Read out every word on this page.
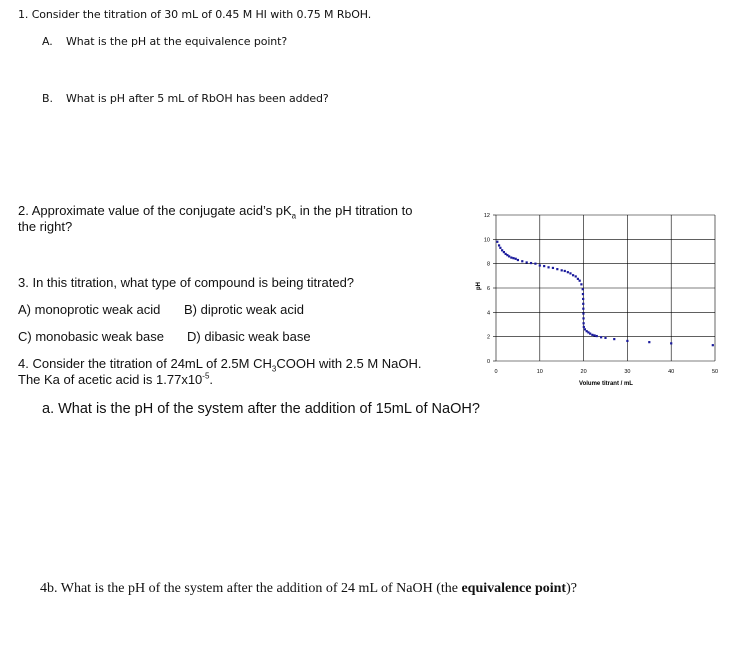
1. Consider the titration of 30 mL of 0.45 M HI with 0.75 M RbOH.
A. What is the pH at the equivalence point?
B. What is pH after 5 mL of RbOH has been added?
2. Approximate value of the conjugate acid’s $pK_a$ in the pH titration to
the right?
3. In this titration, what type of compound is being titrated?
A) monoprotic weak acid B) diprotic weak acid
C) monobasic weak base D) dibasic weak base
4. Consider the titration of 24mL of 2.5M $CH_3COOH$ with 2.5 M NaOH.
The Ka of acetic acid is $1.77x10^{-5}$.
a. What is the pH of the system after the addition of 15mL of NaOH?
4b. What is the pH of the system after the addition of 24 mL of NaOH (the equivalence point)?
0	10	20	30	40	50
0
2
4
6
8
10
12
Volume titrant / mL
pH
